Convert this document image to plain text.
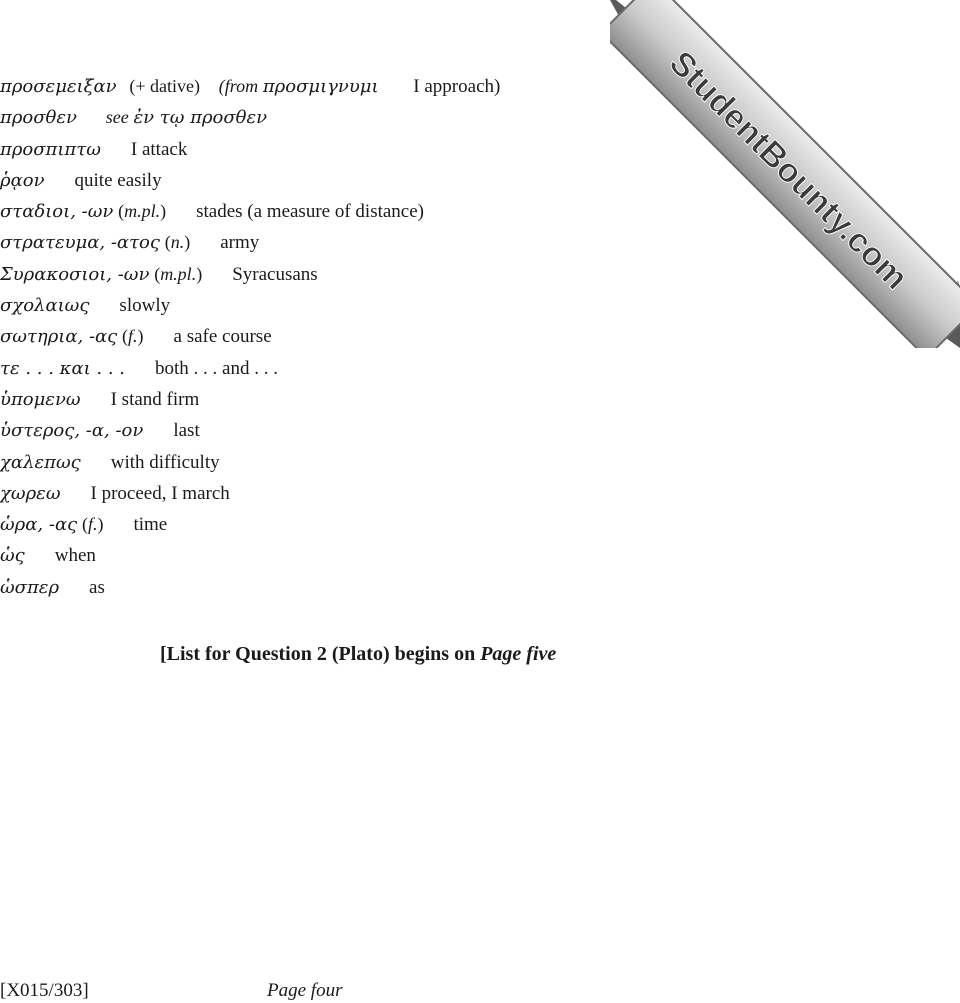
προσεμειξαν (+ dative) (from προσμιγνυμι I approach)
προσθεν see ἐν τῳ προσθεν
προσπιπτω I attack
ῥᾳον quite easily
σταδιοι, -ων (m.pl.) stades (a measure of distance)
στρατευμα, -ατος (n.) army
Συρακοσιοι, -ων (m.pl.) Syracusans
σχολαιως slowly
σωτηρια, -ας (f.) a safe course
τε . . . και . . . both . . . and . . .
ὑπομενω I stand firm
ὑστερος, -α, -ον last
χαλεπως with difficulty
χωρεω I proceed, I march
ὡρα, -ας (f.) time
ὡς when
ὡσπερ as
[List for Question 2 (Plato) begins on Page five
[X015/303]	Page four
StudentBounty.com
